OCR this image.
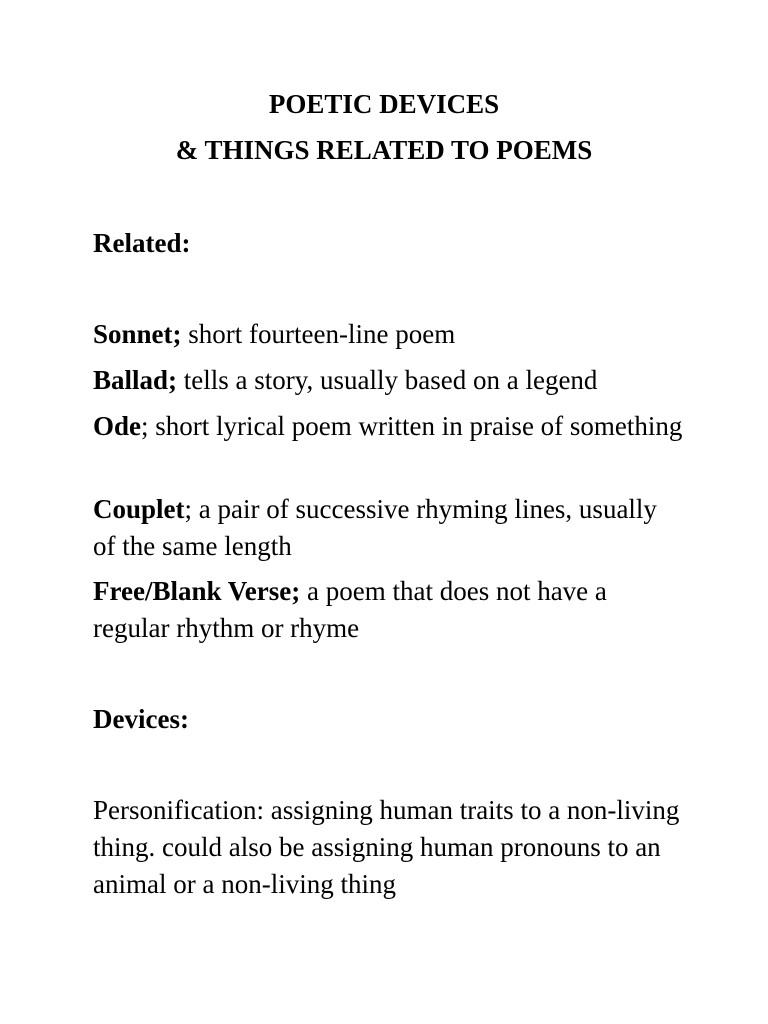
POETIC DEVICES

& THINGS RELATED TO POEMS

Related:

Sonnet; short fourteen-line poem

Ballad; tells a story, usually based on a legend

Ode; short lyrical poem written in praise of something

Couplet; a pair of successive rhyming lines, usually of the same length

Free/Blank Verse; a poem that does not have a regular rhythm or rhyme

Devices:

Personification: assigning human traits to a non-living thing. could also be assigning human pronouns to an animal or a non-living thing
